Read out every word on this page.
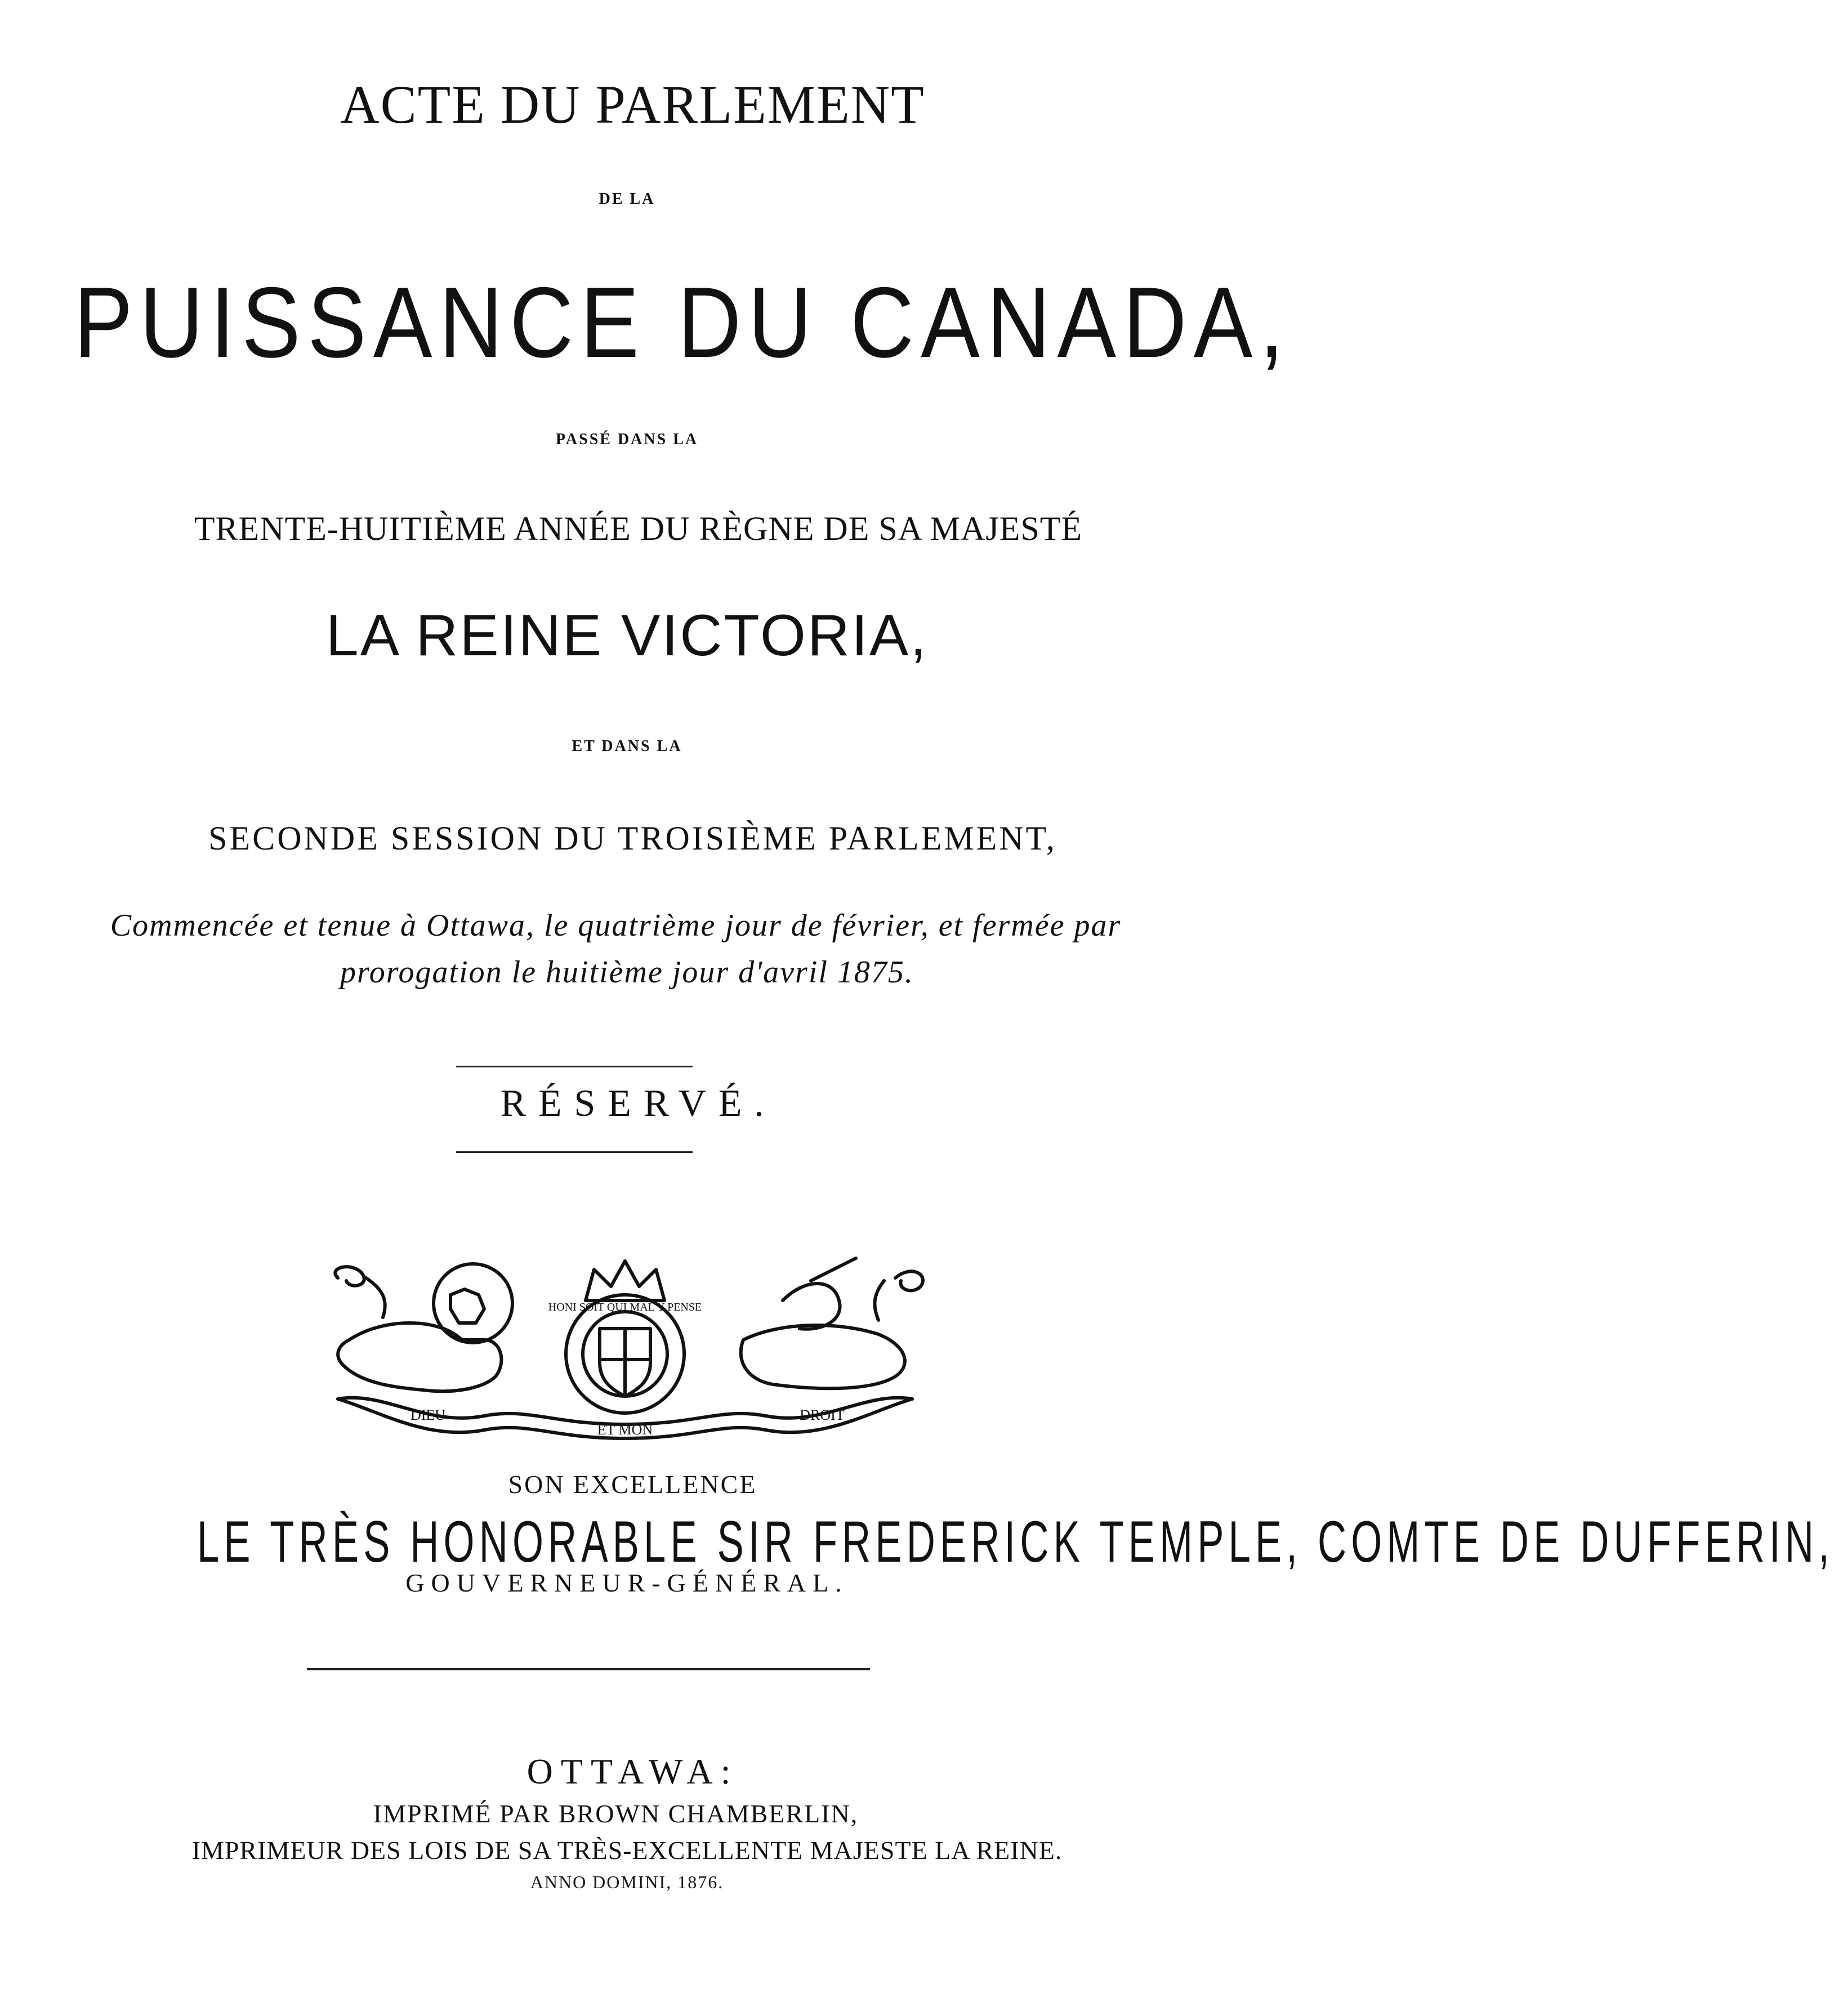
ACTE DU PARLEMENT
DE LA
PUISSANCE DU CANADA,
PASSÉ DANS LA
TRENTE-HUITIÈME ANNÉE DU RÈGNE DE SA MAJESTÉ
LA REINE VICTORIA,
ET DANS LA
SECONDE SESSION DU TROISIÈME PARLEMENT,
Commencée et tenue à Ottawa, le quatrième jour de février, et fermée par
prorogation le huitième jour d'avril 1875.
RÉSERVÉ.
DIEU
ET MON
DROIT
HONI SOIT QUI MAL Y PENSE
SON EXCELLENCE
LE TRÈS HONORABLE SIR FREDERICK TEMPLE, COMTE DE DUFFERIN,
GOUVERNEUR-GÉNÉRAL.
OTTAWA:
IMPRIMÉ PAR BROWN CHAMBERLIN,
IMPRIMEUR DES LOIS DE SA TRÈS-EXCELLENTE MAJESTE LA REINE.
ANNO DOMINI, 1876.
